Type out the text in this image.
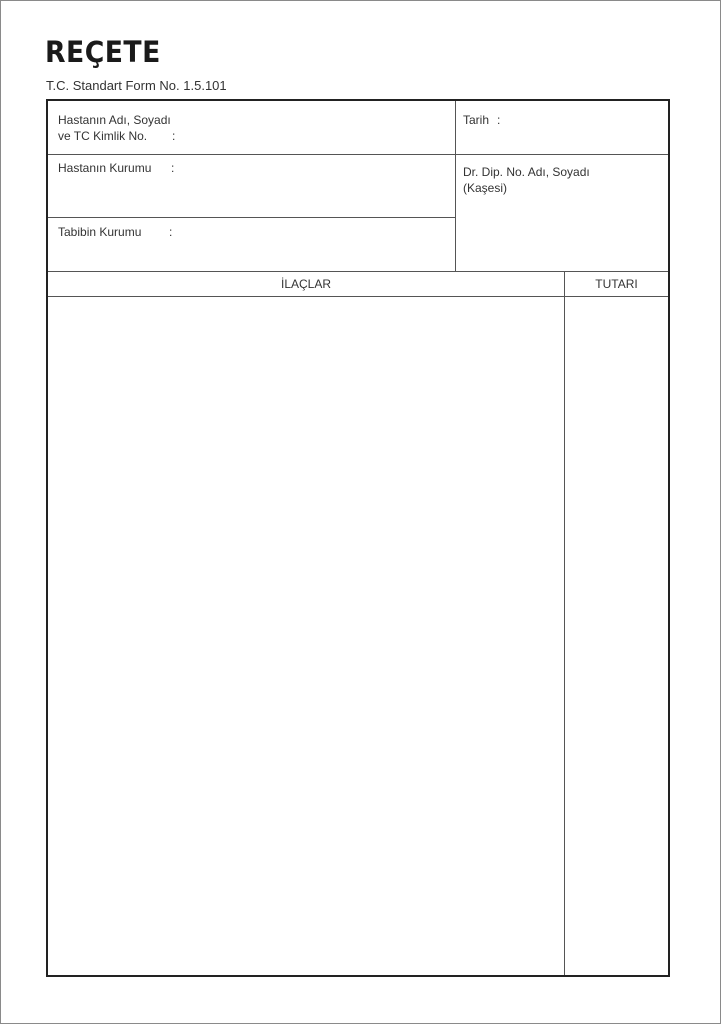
REÇETE
T.C. Standart Form No. 1.5.101
Hastanın Adı, Soyadı
ve TC Kimlik No. :
Tarih :
Hastanın Kurumu :	Dr. Dip. No. Adı, Soyadı
(Kaşesi)
Tabibin Kurumu :
İLAÇLAR	TUTARI
